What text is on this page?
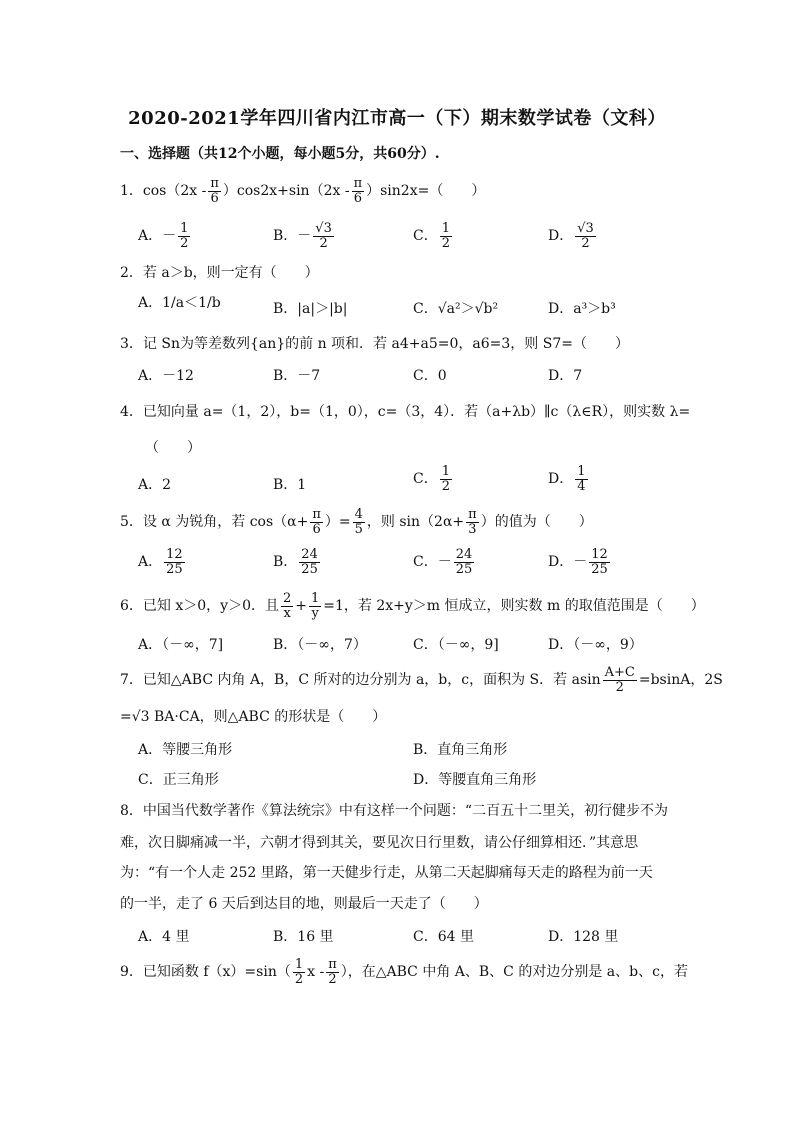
2020-2021学年四川省内江市高一（下）期末数学试卷（文科）
一、选择题（共12个小题，每小题5分，共60分）.
1．$\cos(2x - \frac{\pi}{6} )\cos 2x+\sin(2x - \frac{\pi}{6} )\sin 2x=$（　　）
A．－ $\frac{1}{2}$	B．－ $\frac{√3}{2}$	C． $\frac{1}{2}$	D． $\frac{√3}{2}$
2．若 a＞b，则一定有（　　）
A．1/a＜1/b	B．|a|＞|b|	C．√a²＞√b²	D．a³＞b³
3．记 Sn为等差数列{an}的前 n 项和．若 a4+a5=0，a6=3，则 S7=（　　）
A．－12	B．－7	C．0	D．7
4．已知向量 a=（1，2），b=（1，0），c=（3，4）．若（a+λb）∥c（λ∈R），则实数 λ=
（　　）
A．2	B．1	C． $\frac{1}{2}$	D． $\frac{1}{4}$
5．设 α 为锐角，若 $\cos(\alpha+ \frac{\pi}{6}$ ）= $\frac{4}{5}$ ，则 $\sin(2\alpha+ \frac{\pi}{3}$ ）的值为（　　）
A． $\frac{12}{25}$	B． $\frac{24}{25}$	C．－ $\frac{24}{25}$	D．－ $\frac{12}{25}$
6．已知 x＞0，y＞0．且 $\frac{2}{x} + \frac{1}{y} =1$，若 2x+y＞m 恒成立，则实数 m 的取值范围是（　　）
A．（－∞，7]	B．（－∞，7）	C．（－∞，9]	D．（－∞，9）
7．已知△ABC 内角 A，B，C 所对的边分别为 a，b，c，面积为 S．若 asin $\frac{A+C}{2} =bsinA$，2S
=√3 BA·CA，则△ABC 的形状是（　　）
A．等腰三角形	B．直角三角形
C．正三角形	D．等腰直角三角形
8．中国当代数学著作《算法统宗》中有这样一个问题：“二百五十二里关，初行健步不为
难，次日脚痛减一半，六朝才得到其关，要见次日行里数，请公仔细算相还．”其意思
为：“有一个人走 252 里路，第一天健步行走，从第二天起脚痛每天走的路程为前一天
的一半，走了 6 天后到达目的地，则最后一天走了（　　）
A．4 里	B．16 里	C．64 里	D．128 里
9．已知函数 $f(x)=\sin( \frac{1}{2}$ x - $\frac{\pi}{2}$ ），在△ABC 中角 A、B、C 的对边分别是 a、b、c，若
